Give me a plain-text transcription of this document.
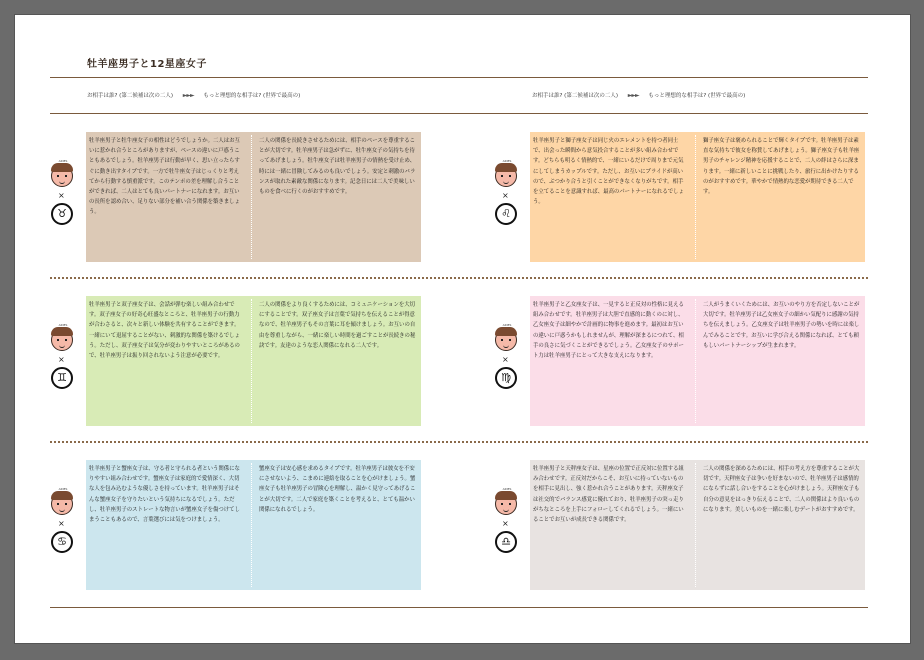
牡羊座男子と12星座女子
お相手は誰? (第二候補は次の二人) ►►► もっと理想的な相手は? (世界で最高の)	お相手は誰? (第二候補は次の二人) ►►► もっと理想的な相手は? (世界で最高の)
ARIES
×
♉
牡羊座男子と牡牛座女子の相性はどうでしょうか。二人はお互いに惹かれ合うところがありますが、ペースの違いに戸惑うこともあるでしょう。牡羊座男子は行動が早く、思い立ったらすぐに動き出すタイプです。一方で牡牛座女子はじっくりと考えてから行動する慎重派です。このテンポの差を理解し合うことができれば、二人はとても良いパートナーになれます。お互いの長所を認め合い、足りない部分を補い合う関係を築きましょう。
二人の関係を長続きさせるためには、相手のペースを尊重することが大切です。牡羊座男子は急がずに、牡牛座女子の気持ちを待ってあげましょう。牡牛座女子は牡羊座男子の情熱を受け止め、時には一緒に冒険してみるのも良いでしょう。安定と刺激のバランスが取れた素敵な関係になります。記念日には二人で美味しいものを食べに行くのがおすすめです。
ARIES
×
♌
牡羊座男子と獅子座女子は同じ火のエレメントを持つ者同士で、出会った瞬間から意気投合することが多い組み合わせです。どちらも明るく情熱的で、一緒にいるだけで周りまで元気にしてしまうカップルです。ただし、お互いにプライドが高いので、ぶつかり合うと引くことができなくなりがちです。相手を立てることを意識すれば、最高のパートナーになれるでしょう。
獅子座女子は褒められることで輝くタイプです。牡羊座男子は素直な気持ちで彼女を称賛してあげましょう。獅子座女子も牡羊座男子のチャレンジ精神を応援することで、二人の絆はさらに深まります。一緒に新しいことに挑戦したり、旅行に出かけたりするのがおすすめです。華やかで情熱的な恋愛が期待できる二人です。
ARIES
×
♊
牡羊座男子と双子座女子は、会話が弾む楽しい組み合わせです。双子座女子の好奇心旺盛なところと、牡羊座男子の行動力が合わさると、次々と新しい体験を共有することができます。一緒にいて退屈することがない、刺激的な関係を築けるでしょう。ただし、双子座女子は気分が変わりやすいところがあるので、牡羊座男子は振り回されないよう注意が必要です。
二人の関係をより良くするためには、コミュニケーションを大切にすることです。双子座女子は言葉で気持ちを伝えることが得意なので、牡羊座男子もその言葉に耳を傾けましょう。お互いの自由を尊重しながら、一緒に楽しい時間を過ごすことが長続きの秘訣です。友達のような恋人関係になれる二人です。
ARIES
×
♍
牡羊座男子と乙女座女子は、一見すると正反対の性格に見える組み合わせです。牡羊座男子は大胆で直感的に動くのに対し、乙女座女子は細やかで計画的に物事を進めます。最初はお互いの違いに戸惑うかもしれませんが、理解が深まるにつれて、相手の良さに気づくことができるでしょう。乙女座女子のサポート力は牡羊座男子にとって大きな支えになります。
二人がうまくいくためには、お互いのやり方を否定しないことが大切です。牡羊座男子は乙女座女子の細かい気配りに感謝の気持ちを伝えましょう。乙女座女子は牡羊座男子の勢いを時には楽しんでみることです。お互いに学び合える関係になれば、とても頼もしいパートナーシップが生まれます。
ARIES
×
♋
牡羊座男子と蟹座女子は、守る者と守られる者という関係になりやすい組み合わせです。蟹座女子は家庭的で愛情深く、大切な人を包み込むような優しさを持っています。牡羊座男子はそんな蟹座女子を守りたいという気持ちになるでしょう。ただし、牡羊座男子のストレートな物言いが蟹座女子を傷つけてしまうこともあるので、言葉選びには気をつけましょう。
蟹座女子は安心感を求めるタイプです。牡羊座男子は彼女を不安にさせないよう、こまめに連絡を取ることを心がけましょう。蟹座女子も牡羊座男子の冒険心を理解し、温かく見守ってあげることが大切です。二人で家庭を築くことを考えると、とても温かい関係になれるでしょう。
ARIES
×
♎
牡羊座男子と天秤座女子は、星座の位置で正反対に位置する組み合わせです。正反対だからこそ、お互いに持っていないものを相手に見出し、強く惹かれ合うことがあります。天秤座女子は社交的でバランス感覚に優れており、牡羊座男子の突っ走りがちなところを上手にフォローしてくれるでしょう。一緒にいることでお互いが成長できる関係です。
二人の関係を深めるためには、相手の考え方を尊重することが大切です。天秤座女子は争いを好まないので、牡羊座男子は感情的にならずに話し合いをすることを心がけましょう。天秤座女子も自分の意見をはっきり伝えることで、二人の関係はより良いものになります。美しいものを一緒に楽しむデートがおすすめです。
